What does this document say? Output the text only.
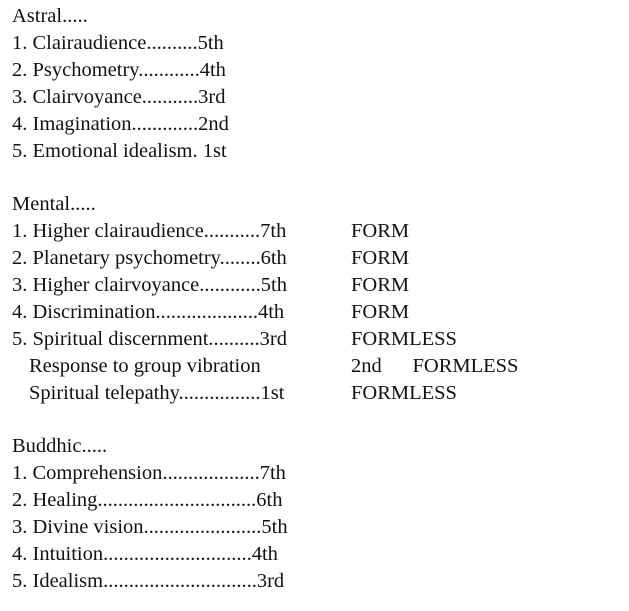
Astral.....
1. Clairaudience..........5th
2. Psychometry............4th
3. Clairvoyance...........3rd
4. Imagination.............2nd
5. Emotional idealism. 1st
Mental.....
1. Higher clairaudience...........7th	FORM
2. Planetary psychometry........6th	FORM
3. Higher clairvoyance............5th	FORM
4. Discrimination....................4th	FORM
5. Spiritual discernment..........3rd	FORMLESS
Response to group vibration	2nd      FORMLESS
Spiritual telepathy................1st	FORMLESS
Buddhic.....
1. Comprehension...................7th
2. Healing...............................6th
3. Divine vision.......................5th
4. Intuition.............................4th
5. Idealism..............................3rd
